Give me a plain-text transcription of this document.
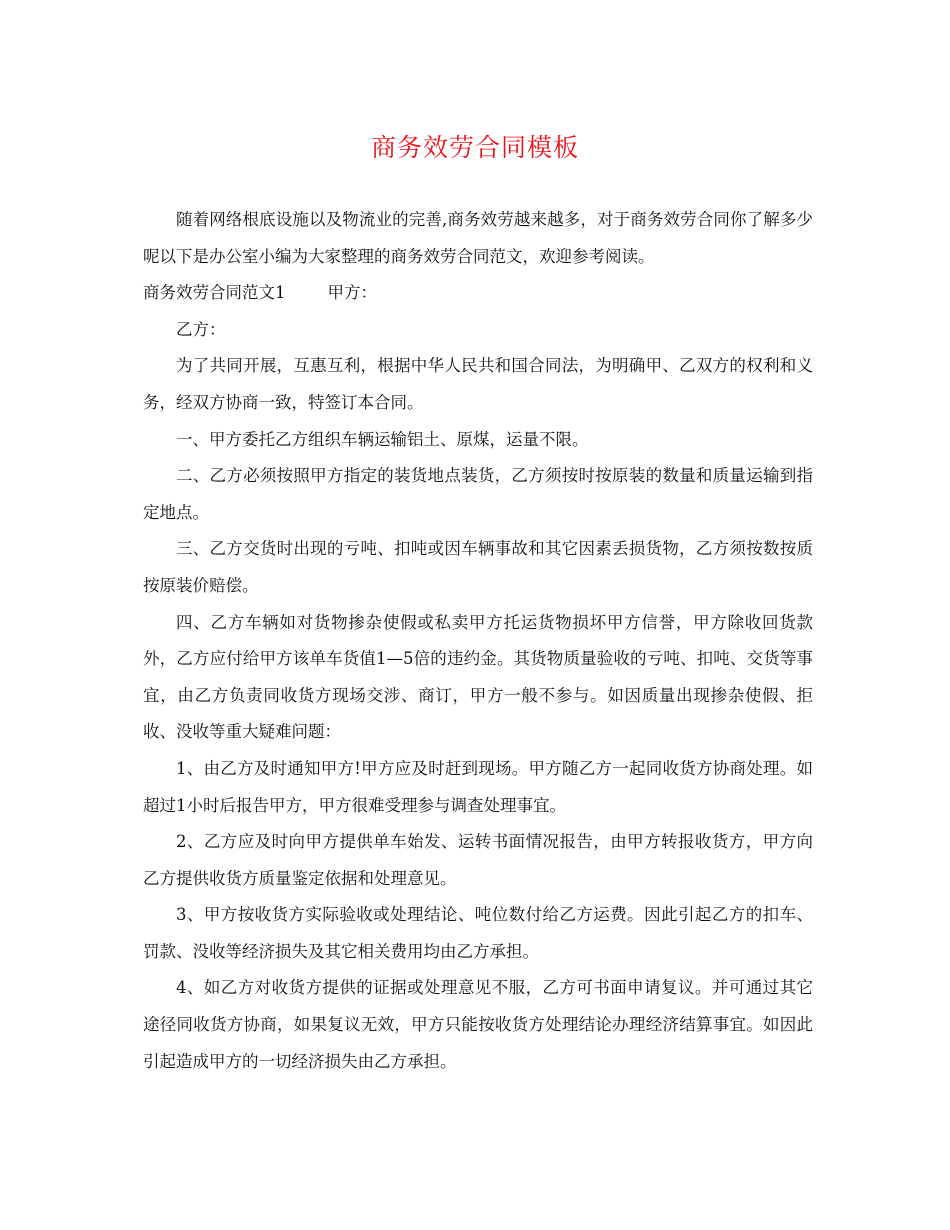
商务效劳合同模板

随着网络根底设施以及物流业的完善,商务效劳越来越多，对于商务效劳合同你了解多少呢以下是办公室小编为大家整理的商务效劳合同范文，欢迎参考阅读。

商务效劳合同范文1	甲方：

乙方：

为了共同开展，互惠互利，根据中华人民共和国合同法，为明确甲、乙双方的权利和义务，经双方协商一致，特签订本合同。

一、甲方委托乙方组织车辆运输铝土、原煤，运量不限。

二、乙方必须按照甲方指定的装货地点装货，乙方须按时按原装的数量和质量运输到指定地点。

三、乙方交货时出现的亏吨、扣吨或因车辆事故和其它因素丢损货物，乙方须按数按质按原装价赔偿。

四、乙方车辆如对货物掺杂使假或私卖甲方托运货物损坏甲方信誉，甲方除收回货款外，乙方应付给甲方该单车货值1—5倍的违约金。其货物质量验收的亏吨、扣吨、交货等事宜，由乙方负责同收货方现场交涉、商订，甲方一般不参与。如因质量出现掺杂使假、拒收、没收等重大疑难问题：

1、由乙方及时通知甲方!甲方应及时赶到现场。甲方随乙方一起同收货方协商处理。如超过1小时后报告甲方，甲方很难受理参与调查处理事宜。

2、乙方应及时向甲方提供单车始发、运转书面情况报告，由甲方转报收货方，甲方向乙方提供收货方质量鉴定依据和处理意见。

3、甲方按收货方实际验收或处理结论、吨位数付给乙方运费。因此引起乙方的扣车、罚款、没收等经济损失及其它相关费用均由乙方承担。

4、如乙方对收货方提供的证据或处理意见不服，乙方可书面申请复议。并可通过其它途径同收货方协商，如果复议无效，甲方只能按收货方处理结论办理经济结算事宜。如因此引起造成甲方的一切经济损失由乙方承担。
